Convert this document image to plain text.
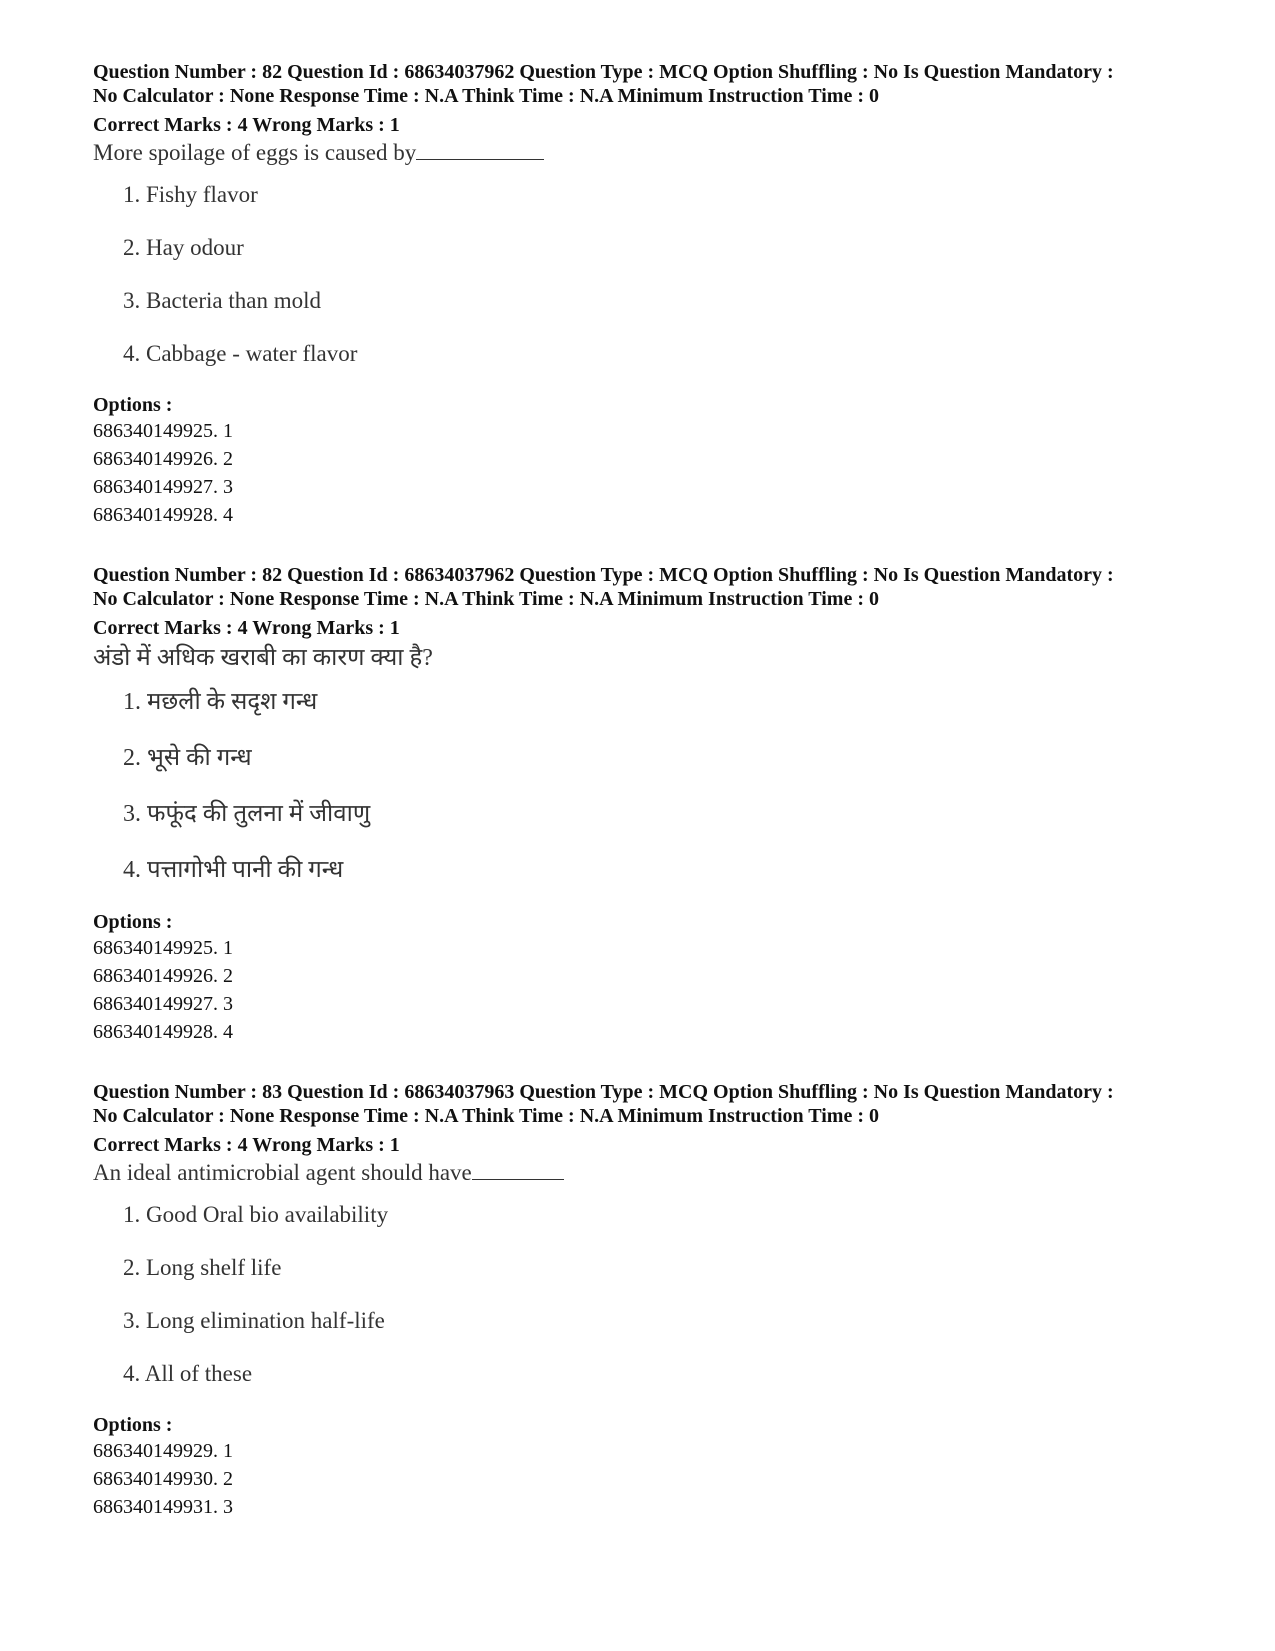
Question Number : 82 Question Id : 68634037962 Question Type : MCQ Option Shuffling : No Is Question Mandatory :

No Calculator : None Response Time : N.A Think Time : N.A Minimum Instruction Time : 0

Correct Marks : 4 Wrong Marks : 1
More spoilage of eggs is caused by
1. Fishy flavor
2. Hay odour
3. Bacteria than mold
4. Cabbage - water flavor
Options :
686340149925. 1
686340149926. 2
686340149927. 3
686340149928. 4

Question Number : 82 Question Id : 68634037962 Question Type : MCQ Option Shuffling : No Is Question Mandatory :

No Calculator : None Response Time : N.A Think Time : N.A Minimum Instruction Time : 0

Correct Marks : 4 Wrong Marks : 1
अंडो में अधिक खराबी का कारण क्या है?
1. मछली के सदृश गन्ध
2. भूसे की गन्ध
3. फफूंद की तुलना में जीवाणु
4. पत्तागोभी पानी की गन्ध
Options :
686340149925. 1
686340149926. 2
686340149927. 3
686340149928. 4

Question Number : 83 Question Id : 68634037963 Question Type : MCQ Option Shuffling : No Is Question Mandatory :

No Calculator : None Response Time : N.A Think Time : N.A Minimum Instruction Time : 0

Correct Marks : 4 Wrong Marks : 1
An ideal antimicrobial agent should have
1. Good Oral bio availability
2. Long shelf life
3. Long elimination half-life
4. All of these
Options :
686340149929. 1
686340149930. 2
686340149931. 3
